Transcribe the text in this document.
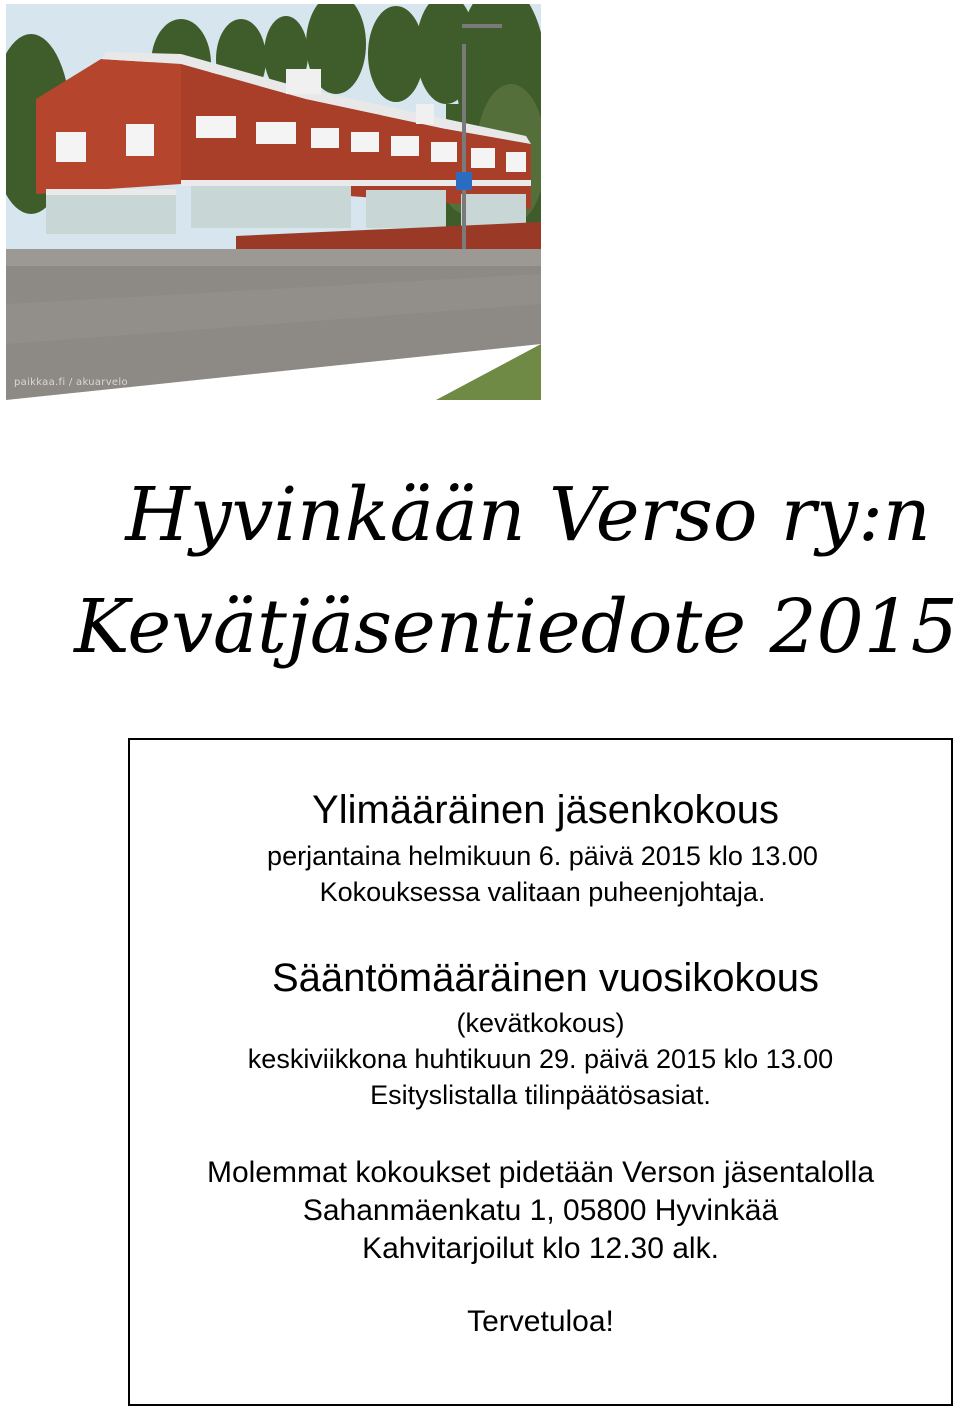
paikkaa.fi / akuarvelo
Hyvinkään Verso ry:n
Kevätjäsentiedote 2015
Ylimääräinen jäsenkokous
perjantaina helmikuun 6. päivä 2015 klo 13.00
Kokouksessa valitaan puheenjohtaja.
Sääntömääräinen vuosikokous
(kevätkokous)
keskiviikkona huhtikuun 29. päivä 2015 klo 13.00
Esityslistalla tilinpäätösasiat.
Molemmat kokoukset pidetään Verson jäsentalolla
Sahanmäenkatu 1, 05800 Hyvinkää
Kahvitarjoilut klo 12.30 alk.
Tervetuloa!
